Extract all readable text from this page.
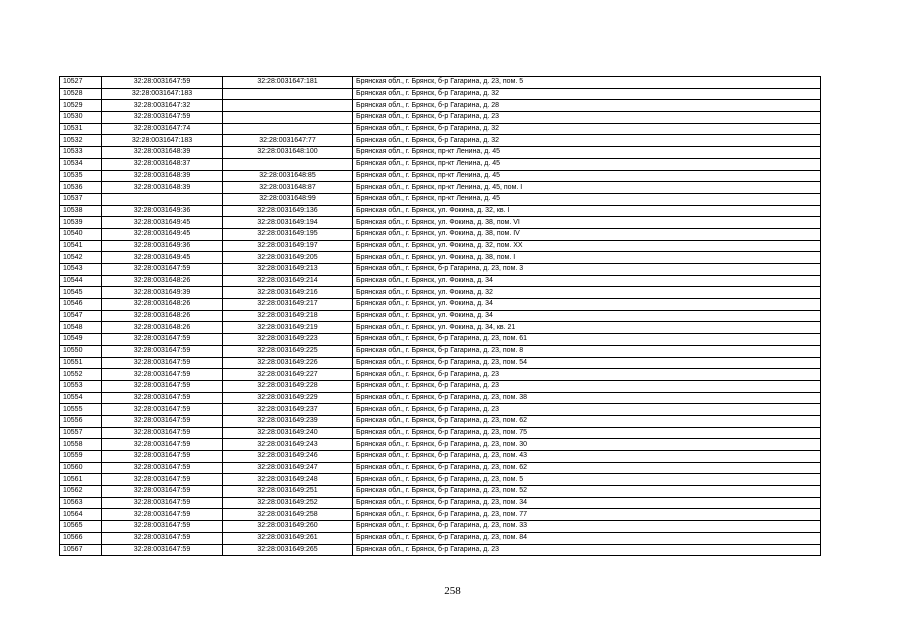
10527	32:28:0031647:59	32:28:0031647:181	Брянская обл., г. Брянск, б-р Гагарина, д. 23, пом. 5
10528	32:28:0031647:183		Брянская обл., г. Брянск, б-р Гагарина, д. 32
10529	32:28:0031647:32		Брянская обл., г. Брянск, б-р Гагарина, д. 28
10530	32:28:0031647:59		Брянская обл., г. Брянск, б-р Гагарина, д. 23
10531	32:28:0031647:74		Брянская обл., г. Брянск, б-р Гагарина, д. 32
10532	32:28:0031647:183	32:28:0031647:77	Брянская обл., г. Брянск, б-р Гагарина, д. 32
10533	32:28:0031648:39	32:28:0031648:100	Брянская обл., г. Брянск, пр-кт Ленина, д. 45
10534	32:28:0031648:37		Брянская обл., г. Брянск, пр-кт Ленина, д. 45
10535	32:28:0031648:39	32:28:0031648:85	Брянская обл., г. Брянск, пр-кт Ленина, д. 45
10536	32:28:0031648:39	32:28:0031648:87	Брянская обл., г. Брянск, пр-кт Ленина, д. 45, пом. I
10537		32:28:0031648:99	Брянская обл., г. Брянск, пр-кт Ленина, д. 45
10538	32:28:0031649:36	32:28:0031649:136	Брянская обл., г. Брянск, ул. Фокина, д. 32, кв. I
10539	32:28:0031649:45	32:28:0031649:194	Брянская обл., г. Брянск, ул. Фокина, д. 38, пом. VI
10540	32:28:0031649:45	32:28:0031649:195	Брянская обл., г. Брянск, ул. Фокина, д. 38, пом. IV
10541	32:28:0031649:36	32:28:0031649:197	Брянская обл., г. Брянск, ул. Фокина, д. 32, пом. XX
10542	32:28:0031649:45	32:28:0031649:205	Брянская обл., г. Брянск, ул. Фокина, д. 38, пом. I
10543	32:28:0031647:59	32:28:0031649:213	Брянская обл., г. Брянск, б-р Гагарина, д. 23, пом. 3
10544	32:28:0031648:26	32:28:0031649:214	Брянская обл., г. Брянск, ул. Фокина, д. 34
10545	32:28:0031649:39	32:28:0031649:216	Брянская обл., г. Брянск, ул. Фокина, д. 32
10546	32:28:0031648:26	32:28:0031649:217	Брянская обл., г. Брянск, ул. Фокина, д. 34
10547	32:28:0031648:26	32:28:0031649:218	Брянская обл., г. Брянск, ул. Фокина, д. 34
10548	32:28:0031648:26	32:28:0031649:219	Брянская обл., г. Брянск, ул. Фокина, д. 34, кв. 21
10549	32:28:0031647:59	32:28:0031649:223	Брянская обл., г. Брянск, б-р Гагарина, д. 23, пом. 61
10550	32:28:0031647:59	32:28:0031649:225	Брянская обл., г. Брянск, б-р Гагарина, д. 23, пом. 8
10551	32:28:0031647:59	32:28:0031649:226	Брянская обл., г. Брянск, б-р Гагарина, д. 23, пом. 54
10552	32:28:0031647:59	32:28:0031649:227	Брянская обл., г. Брянск, б-р Гагарина, д. 23
10553	32:28:0031647:59	32:28:0031649:228	Брянская обл., г. Брянск, б-р Гагарина, д. 23
10554	32:28:0031647:59	32:28:0031649:229	Брянская обл., г. Брянск, б-р Гагарина, д. 23, пом. 38
10555	32:28:0031647:59	32:28:0031649:237	Брянская обл., г. Брянск, б-р Гагарина, д. 23
10556	32:28:0031647:59	32:28:0031649:239	Брянская обл., г. Брянск, б-р Гагарина, д. 23, пом. 62
10557	32:28:0031647:59	32:28:0031649:240	Брянская обл., г. Брянск, б-р Гагарина, д. 23, пом. 75
10558	32:28:0031647:59	32:28:0031649:243	Брянская обл., г. Брянск, б-р Гагарина, д. 23, пом. 30
10559	32:28:0031647:59	32:28:0031649:246	Брянская обл., г. Брянск, б-р Гагарина, д. 23, пом. 43
10560	32:28:0031647:59	32:28:0031649:247	Брянская обл., г. Брянск, б-р Гагарина, д. 23, пом. 62
10561	32:28:0031647:59	32:28:0031649:248	Брянская обл., г. Брянск, б-р Гагарина, д. 23, пом. 5
10562	32:28:0031647:59	32:28:0031649:251	Брянская обл., г. Брянск, б-р Гагарина, д. 23, пом. 52
10563	32:28:0031647:59	32:28:0031649:252	Брянская обл., г. Брянск, б-р Гагарина, д. 23, пом. 34
10564	32:28:0031647:59	32:28:0031649:258	Брянская обл., г. Брянск, б-р Гагарина, д. 23, пом. 77
10565	32:28:0031647:59	32:28:0031649:260	Брянская обл., г. Брянск, б-р Гагарина, д. 23, пом. 33
10566	32:28:0031647:59	32:28:0031649:261	Брянская обл., г. Брянск, б-р Гагарина, д. 23, пом. 84
10567	32:28:0031647:59	32:28:0031649:265	Брянская обл., г. Брянск, б-р Гагарина, д. 23
258
